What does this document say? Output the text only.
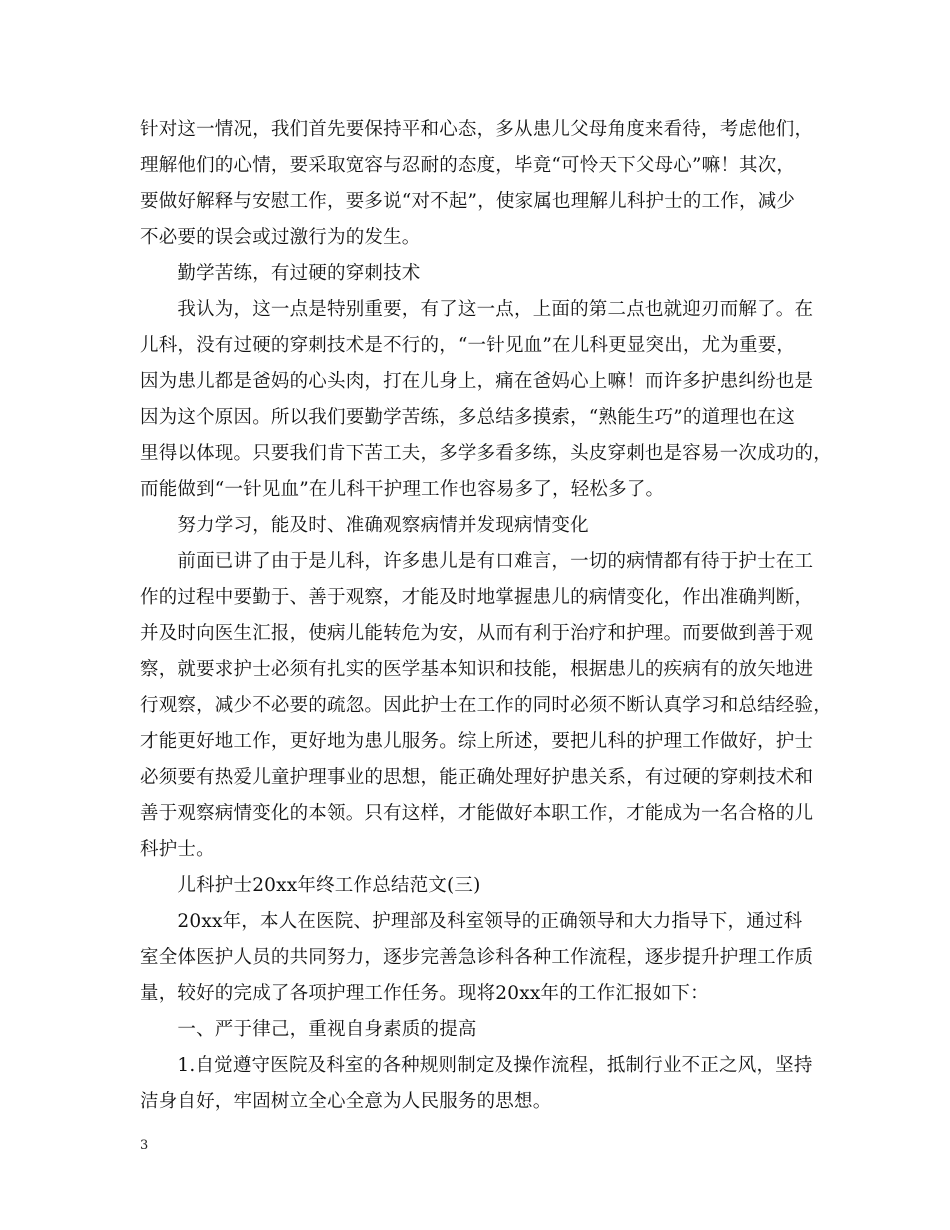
针对这一情况，我们首先要保持平和心态，多从患儿父母角度来看待，考虑他们，
理解他们的心情，要采取宽容与忍耐的态度，毕竟“可怜天下父母心”嘛！其次，
要做好解释与安慰工作，要多说“对不起”，使家属也理解儿科护士的工作，减少
不必要的误会或过激行为的发生。
　　勤学苦练，有过硬的穿刺技术
　　我认为，这一点是特别重要，有了这一点，上面的第二点也就迎刃而解了。在
儿科，没有过硬的穿刺技术是不行的，“一针见血”在儿科更显突出，尤为重要，
因为患儿都是爸妈的心头肉，打在儿身上，痛在爸妈心上嘛！而许多护患纠纷也是
因为这个原因。所以我们要勤学苦练，多总结多摸索，“熟能生巧”的道理也在这
里得以体现。只要我们肯下苦工夫，多学多看多练，头皮穿刺也是容易一次成功的，
而能做到“一针见血”在儿科干护理工作也容易多了，轻松多了。
　　努力学习，能及时、准确观察病情并发现病情变化
　　前面已讲了由于是儿科，许多患儿是有口难言，一切的病情都有待于护士在工
作的过程中要勤于、善于观察，才能及时地掌握患儿的病情变化，作出准确判断，
并及时向医生汇报，使病儿能转危为安，从而有利于治疗和护理。而要做到善于观
察，就要求护士必须有扎实的医学基本知识和技能，根据患儿的疾病有的放矢地进
行观察，减少不必要的疏忽。因此护士在工作的同时必须不断认真学习和总结经验，
才能更好地工作，更好地为患儿服务。综上所述，要把儿科的护理工作做好，护士
必须要有热爱儿童护理事业的思想，能正确处理好护患关系，有过硬的穿刺技术和
善于观察病情变化的本领。只有这样，才能做好本职工作，才能成为一名合格的儿
科护士。
　　儿科护士20xx年终工作总结范文(三)
　　20xx年，本人在医院、护理部及科室领导的正确领导和大力指导下，通过科
室全体医护人员的共同努力，逐步完善急诊科各种工作流程，逐步提升护理工作质
量，较好的完成了各项护理工作任务。现将20xx年的工作汇报如下：
　　一、严于律己，重视自身素质的提高
　　1.自觉遵守医院及科室的各种规则制定及操作流程，抵制行业不正之风，坚持
洁身自好，牢固树立全心全意为人民服务的思想。
3
